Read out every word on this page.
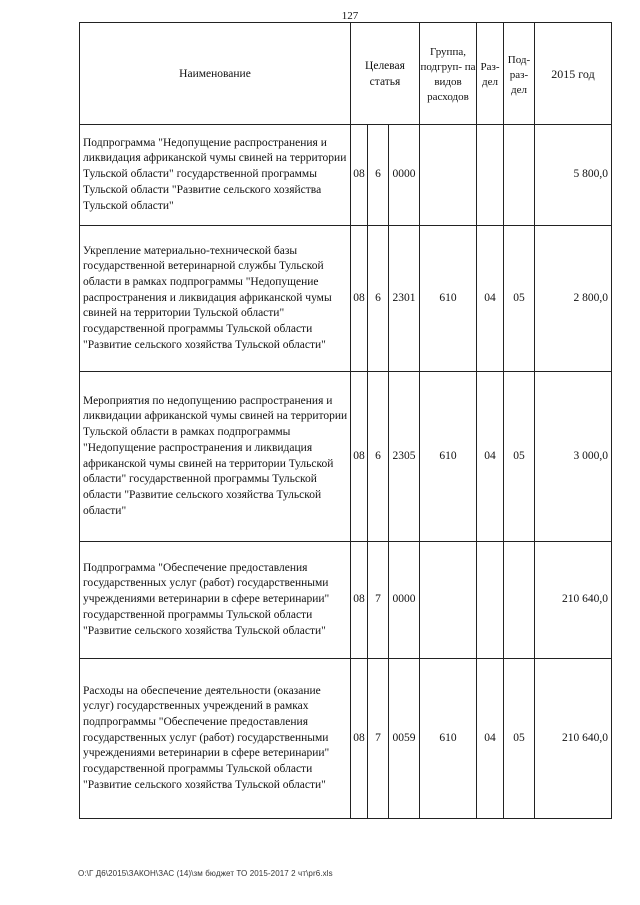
127
Наименование	Целевая статья			Группа, подгруп- па видов расходов	Раз- дел	Под- раз- дел	2015 год
Подпрограмма "Недопущение распространения и ликвидация африканской чумы свиней на территории Тульской области" государственной программы Тульской области "Развитие сельского хозяйства Тульской области"	08	6	0000				5 800,0
Укрепление материально-технической базы государственной ветеринарной службы Тульской области в рамках подпрограммы "Недопущение распространения и ликвидация африканской чумы свиней на территории Тульской области" государственной программы Тульской области "Развитие сельского хозяйства Тульской области"	08	6	2301	610	04	05	2 800,0
Мероприятия по недопущению распространения и ликвидации африканской чумы свиней на территории Тульской области в рамках подпрограммы "Недопущение распространения и ликвидация африканской чумы свиней на территории Тульской области" государственной программы Тульской области "Развитие сельского хозяйства Тульской области"	08	6	2305	610	04	05	3 000,0
Подпрограмма "Обеспечение предоставления государственных услуг (работ) государственными учреждениями ветеринарии в сфере ветеринарии" государственной программы Тульской области "Развитие сельского хозяйства Тульской области"	08	7	0000				210 640,0
Расходы на обеспечение деятельности (оказание услуг) государственных учреждений в рамках подпрограммы "Обеспечение предоставления государственных услуг (работ) государственными учреждениями ветеринарии в сфере ветеринарии" государственной программы Тульской области "Развитие сельского хозяйства Тульской области"	08	7	0059	610	04	05	210 640,0
О:\Г Д6\2015\ЗАКОН\ЗАС (14)\зм бюджет ТО 2015-2017 2 чт\pr6.xls
